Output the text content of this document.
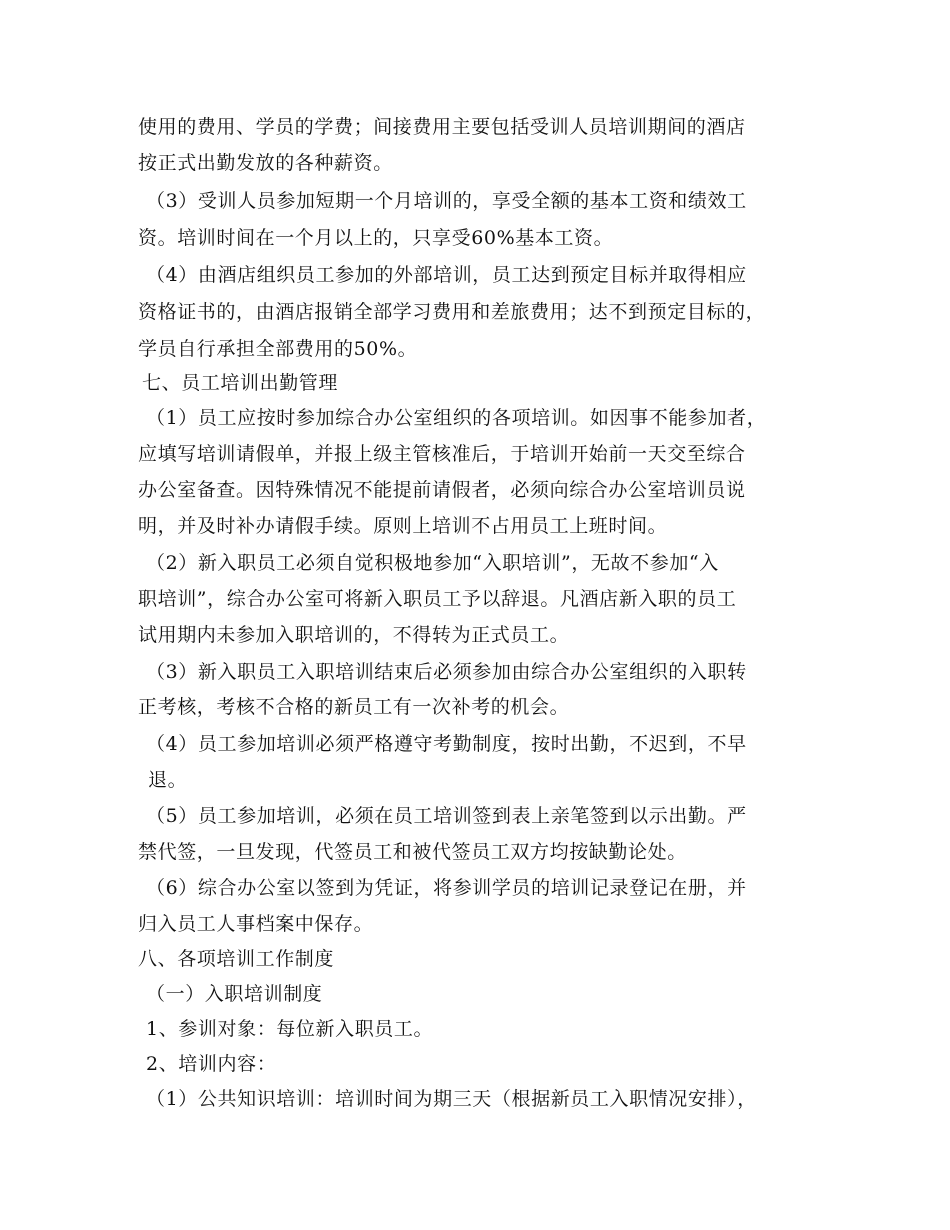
使用的费用、学员的学费；间接费用主要包括受训人员培训期间的酒店
按正式出勤发放的各种薪资。
（3）受训人员参加短期一个月培训的，享受全额的基本工资和绩效工
资。培训时间在一个月以上的，只享受60%基本工资。
（4）由酒店组织员工参加的外部培训，员工达到预定目标并取得相应
资格证书的，由酒店报销全部学习费用和差旅费用；达不到预定目标的，
学员自行承担全部费用的50%。
七、员工培训出勤管理
（1）员工应按时参加综合办公室组织的各项培训。如因事不能参加者，
应填写培训请假单，并报上级主管核准后，于培训开始前一天交至综合
办公室备查。因特殊情况不能提前请假者，必须向综合办公室培训员说
明，并及时补办请假手续。原则上培训不占用员工上班时间。
（2）新入职员工必须自觉积极地参加“入职培训”，无故不参加“入
职培训”，综合办公室可将新入职员工予以辞退。凡酒店新入职的员工
试用期内未参加入职培训的，不得转为正式员工。
（3）新入职员工入职培训结束后必须参加由综合办公室组织的入职转
正考核，考核不合格的新员工有一次补考的机会。
（4）员工参加培训必须严格遵守考勤制度，按时出勤，不迟到，不早
退。
（5）员工参加培训，必须在员工培训签到表上亲笔签到以示出勤。严
禁代签，一旦发现，代签员工和被代签员工双方均按缺勤论处。
（6）综合办公室以签到为凭证，将参训学员的培训记录登记在册，并
归入员工人事档案中保存。
八、各项培训工作制度
（一）入职培训制度
1、参训对象：每位新入职员工。
2、培训内容：
（1）公共知识培训：培训时间为期三天（根据新员工入职情况安排），
